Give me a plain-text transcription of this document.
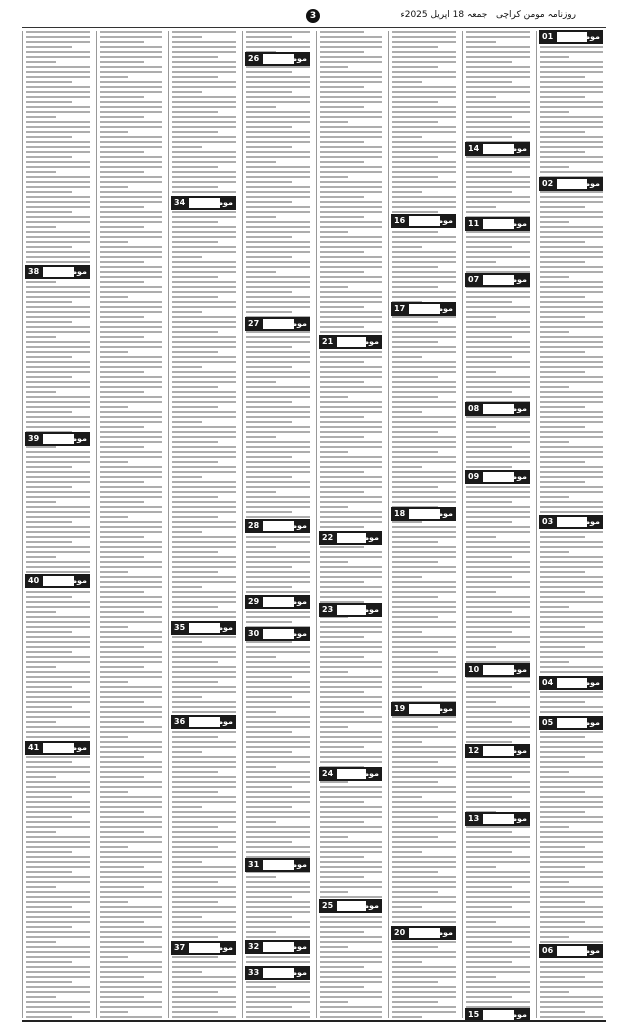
روزنامہ مومن کراچی   جمعہ 18 اپریل 2025ء
3
01	مومن
02	مومن
03	مومن
04	مومن
05	مومن
06	مومن
07	مومن
08	مومن
09	مومن
10	مومن
11	مومن
12	مومن
13	مومن
14	مومن
15	مومن
16	مومن
17	مومن
18	مومن
19	مومن
20	مومن
21	مومن
22	مومن
23	مومن
24	مومن
25	مومن
26	مومن
27	مومن
28	مومن
29	مومن
30	مومن
31	مومن
32	مومن
33	مومن
34	مومن
35	مومن
36	مومن
37	مومن
38	مومن
39	مومن
40	مومن
41	مومن
